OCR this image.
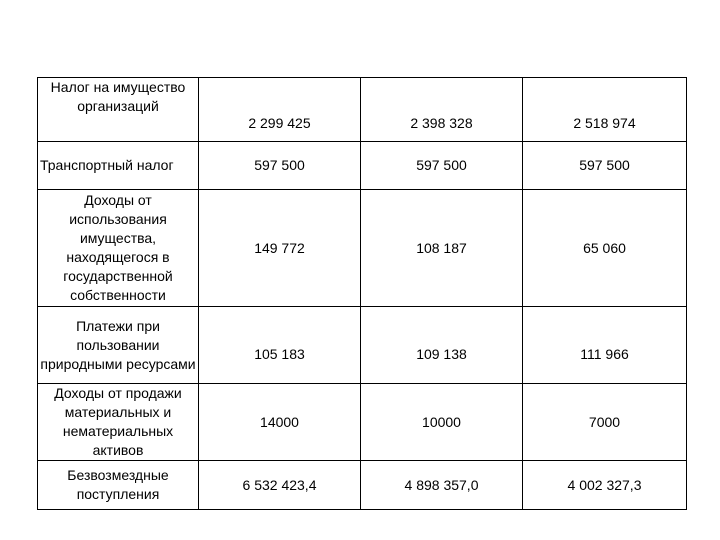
Налог на имущество организаций	2 299 425	2 398 328	2 518 974
Транспортный налог	597 500	597 500	597 500
Доходы от использования имущества, находящегося в государственной собственности	149 772	108 187	65 060
Платежи при пользовании природными ресурсами	105 183	109 138	111 966
Доходы от продажи материальных и нематериальных активов	14000	10000	7000
Безвозмездные поступления	6 532 423,4	4 898 357,0	4 002 327,3
